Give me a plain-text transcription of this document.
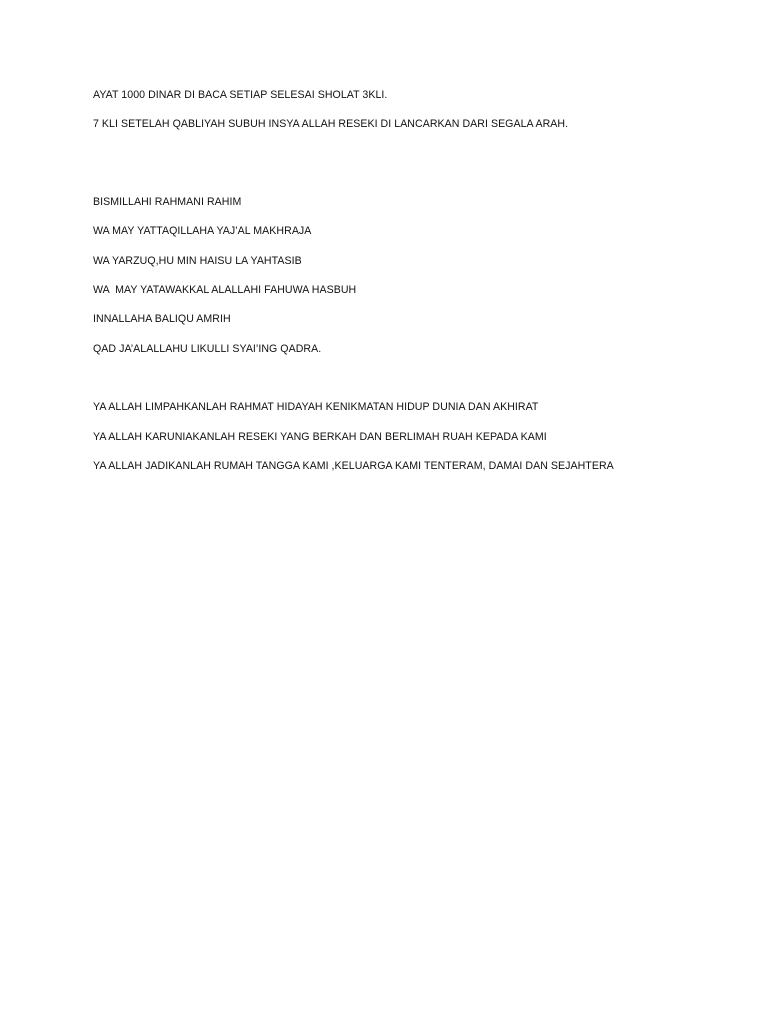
AYAT 1000 DINAR DI BACA SETIAP SELESAI SHOLAT 3KLI.

7 KLI SETELAH QABLIYAH SUBUH INSYA ALLAH RESEKI DI LANCARKAN DARI SEGALA ARAH.

BISMILLAHI RAHMANI RAHIM

WA MAY YATTAQILLAHA YAJ’AL MAKHRAJA

WA YARZUQ,HU MIN HAISU LA YAHTASIB

WA  MAY YATAWAKKAL ALALLAHI FAHUWA HASBUH

INNALLAHA BALIQU AMRIH

QAD JA’ALALLAHU LIKULLI SYAI’ING QADRA.

YA ALLAH LIMPAHKANLAH RAHMAT HIDAYAH KENIKMATAN HIDUP DUNIA DAN AKHIRAT

YA ALLAH KARUNIAKANLAH RESEKI YANG BERKAH DAN BERLIMAH RUAH KEPADA KAMI

YA ALLAH JADIKANLAH RUMAH TANGGA KAMI ,KELUARGA KAMI TENTERAM, DAMAI DAN SEJAHTERA
